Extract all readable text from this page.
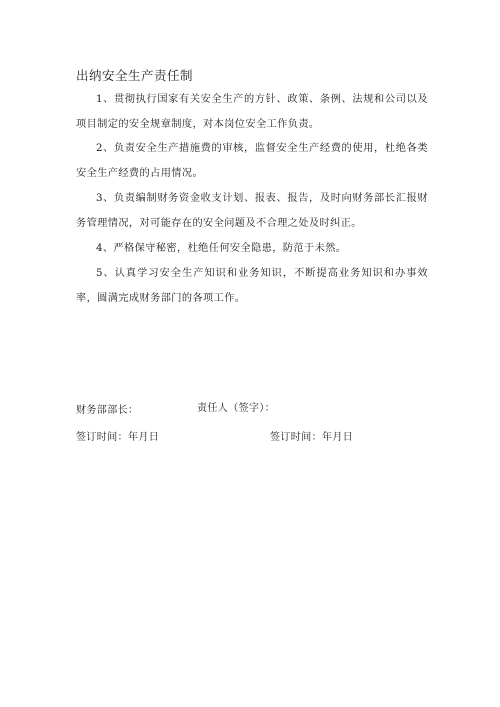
出纳安全生产责任制

1、贯彻执行国家有关安全生产的方针、政策、条例、法规和公司以及项目制定的安全规章制度，对本岗位安全工作负责。

2、负责安全生产措施费的审核，监督安全生产经费的使用，杜绝各类安全生产经费的占用情况。

3、负责编制财务资金收支计划、报表、报告，及时向财务部长汇报财务管理情况，对可能存在的安全问题及不合理之处及时纠正。

4、严格保守秘密，杜绝任何安全隐患，防范于未然。

5、认真学习安全生产知识和业务知识，不断提高业务知识和办事效率，圆满完成财务部门的各项工作。

财务部部长：	责任人（签字）：
签订时间：年月日	签订时间：年月日
